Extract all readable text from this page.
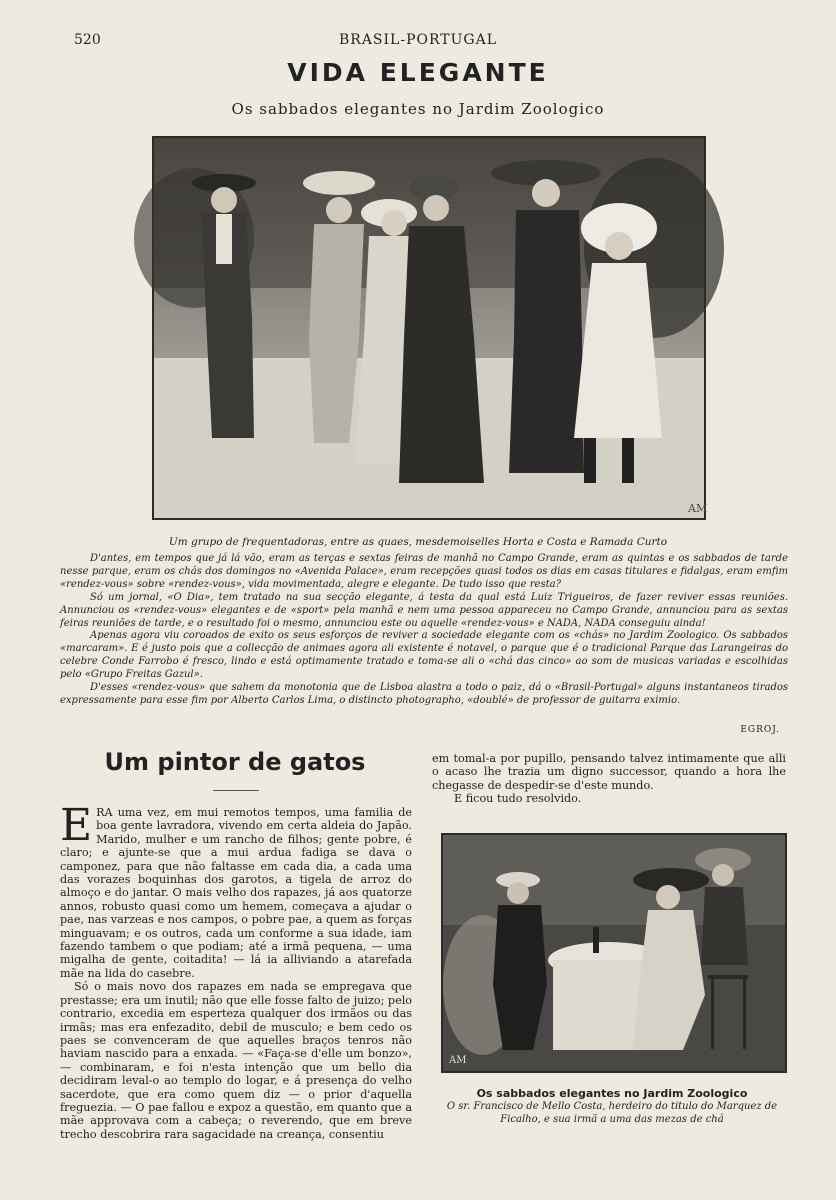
520	BRASIL-PORTUGAL
VIDA ELEGANTE
Os sabbados elegantes no Jardim Zoologico
AM
Um grupo de frequentadoras, entre as quaes, mesdemoiselles Horta e Costa e Ramada Curto

D'antes, em tempos que já lá vão, eram as terças e sextas feiras de manhã no Campo Grande, eram as quintas e os sabbados de tarde nesse parque, eram os chás dos domingos no «Avenida Palace», eram recepções quasi todos os dias em casas titulares e fidalgas, eram emfim «rendez-vous» sobre «rendez-vous», vida movimentada, alegre e elegante. De tudo isso que resta?

Só um jornal, «O Dia», tem tratado na sua secção elegante, á testa da qual está Luiz Trigueiros, de fazer reviver essas reuniões. Annunciou os «rendez-vous» elegantes e de «sport» pela manhã e nem uma pessoa appareceu no Campo Grande, annunciou para as sextas feiras reuniões de tarde, e o resultado foi o mesmo, annunciou este ou aquelle «rendez-vous» e NADA, NADA conseguiu ainda!

Apenas agora viu coroados de exito os seus esforços de reviver a sociedade elegante com os «chás» no Jardim Zoologico. Os sabbados «marcaram». E é justo pois que a collecção de animaes agora ali existente é notavel, o parque que é o tradicional Parque das Larangeiras do celebre Conde Farrobo é fresco, lindo e está optimamente tratado e toma-se ali o «chá das cinco» ao som de musicas variadas e escolhidas pelo «Grupo Freitas Gazul».

D'esses «rendez-vous» que sahem da monotonia que de Lisboa alastra a todo o paiz, dá o «Brasil-Portugal» alguns instantaneos tirados expressamente para esse fim por Alberto Carlos Lima, o distincto photographo, «doublé» de professor de guitarra eximio.

EGROJ.
Um pintor de gatos

ERA uma vez, em mui remotos tempos, uma familia de boa gente lavradora, vivendo em certa aldeia do Japão. Marido, mulher e um rancho de filhos; gente pobre, é claro; e ajunte-se que a mui ardua fadiga se dava o camponez, para que não faltasse em cada dia, a cada uma das vorazes boquinhas dos garotos, a tigela de arroz do almoço e do jantar. O mais velho dos rapazes, já aos quatorze annos, robusto quasi como um hemem, começava a ajudar o pae, nas varzeas e nos campos, o pobre pae, a quem as forças minguavam; e os outros, cada um conforme a sua idade, iam fazendo tambem o que podiam; até a irmã pequena, — uma migalha de gente, coitadita! — lá ia alliviando a atarefada mãe na lida do casebre.

Só o mais novo dos rapazes em nada se empregava que prestasse; era um inutil; não que elle fosse falto de juizo; pelo contrario, excedia em esperteza qualquer dos irmãos ou das irmãs; mas era enfezadito, debil de musculo; e bem cedo os paes se convenceram de que aquelles braços tenros não haviam nascido para a enxada. — «Faça-se d'elle um bonzo», — combinaram, e foi n'esta intenção que um bello dia decidiram leval-o ao templo do logar, e á presença do velho sacerdote, que era como quem diz — o prior d'aquella freguezia. — O pae fallou e expoz a questão, em quanto que a mãe approvava com a cabeça; o reverendo, que em breve trecho descobrira rara sagacidade na creança, consentiu

em tomal-a por pupillo, pensando talvez intimamente que alli o acaso lhe trazia um digno successor, quando a hora lhe chegasse de despedir-se d'este mundo.

E ficou tudo resolvido.

AM
Os sabbados elegantes no Jardim Zoologico
O sr. Francisco de Mello Costa, herdeiro do titulo do Marquez de Ficalho, e sua irmã a uma das mezas de chá
